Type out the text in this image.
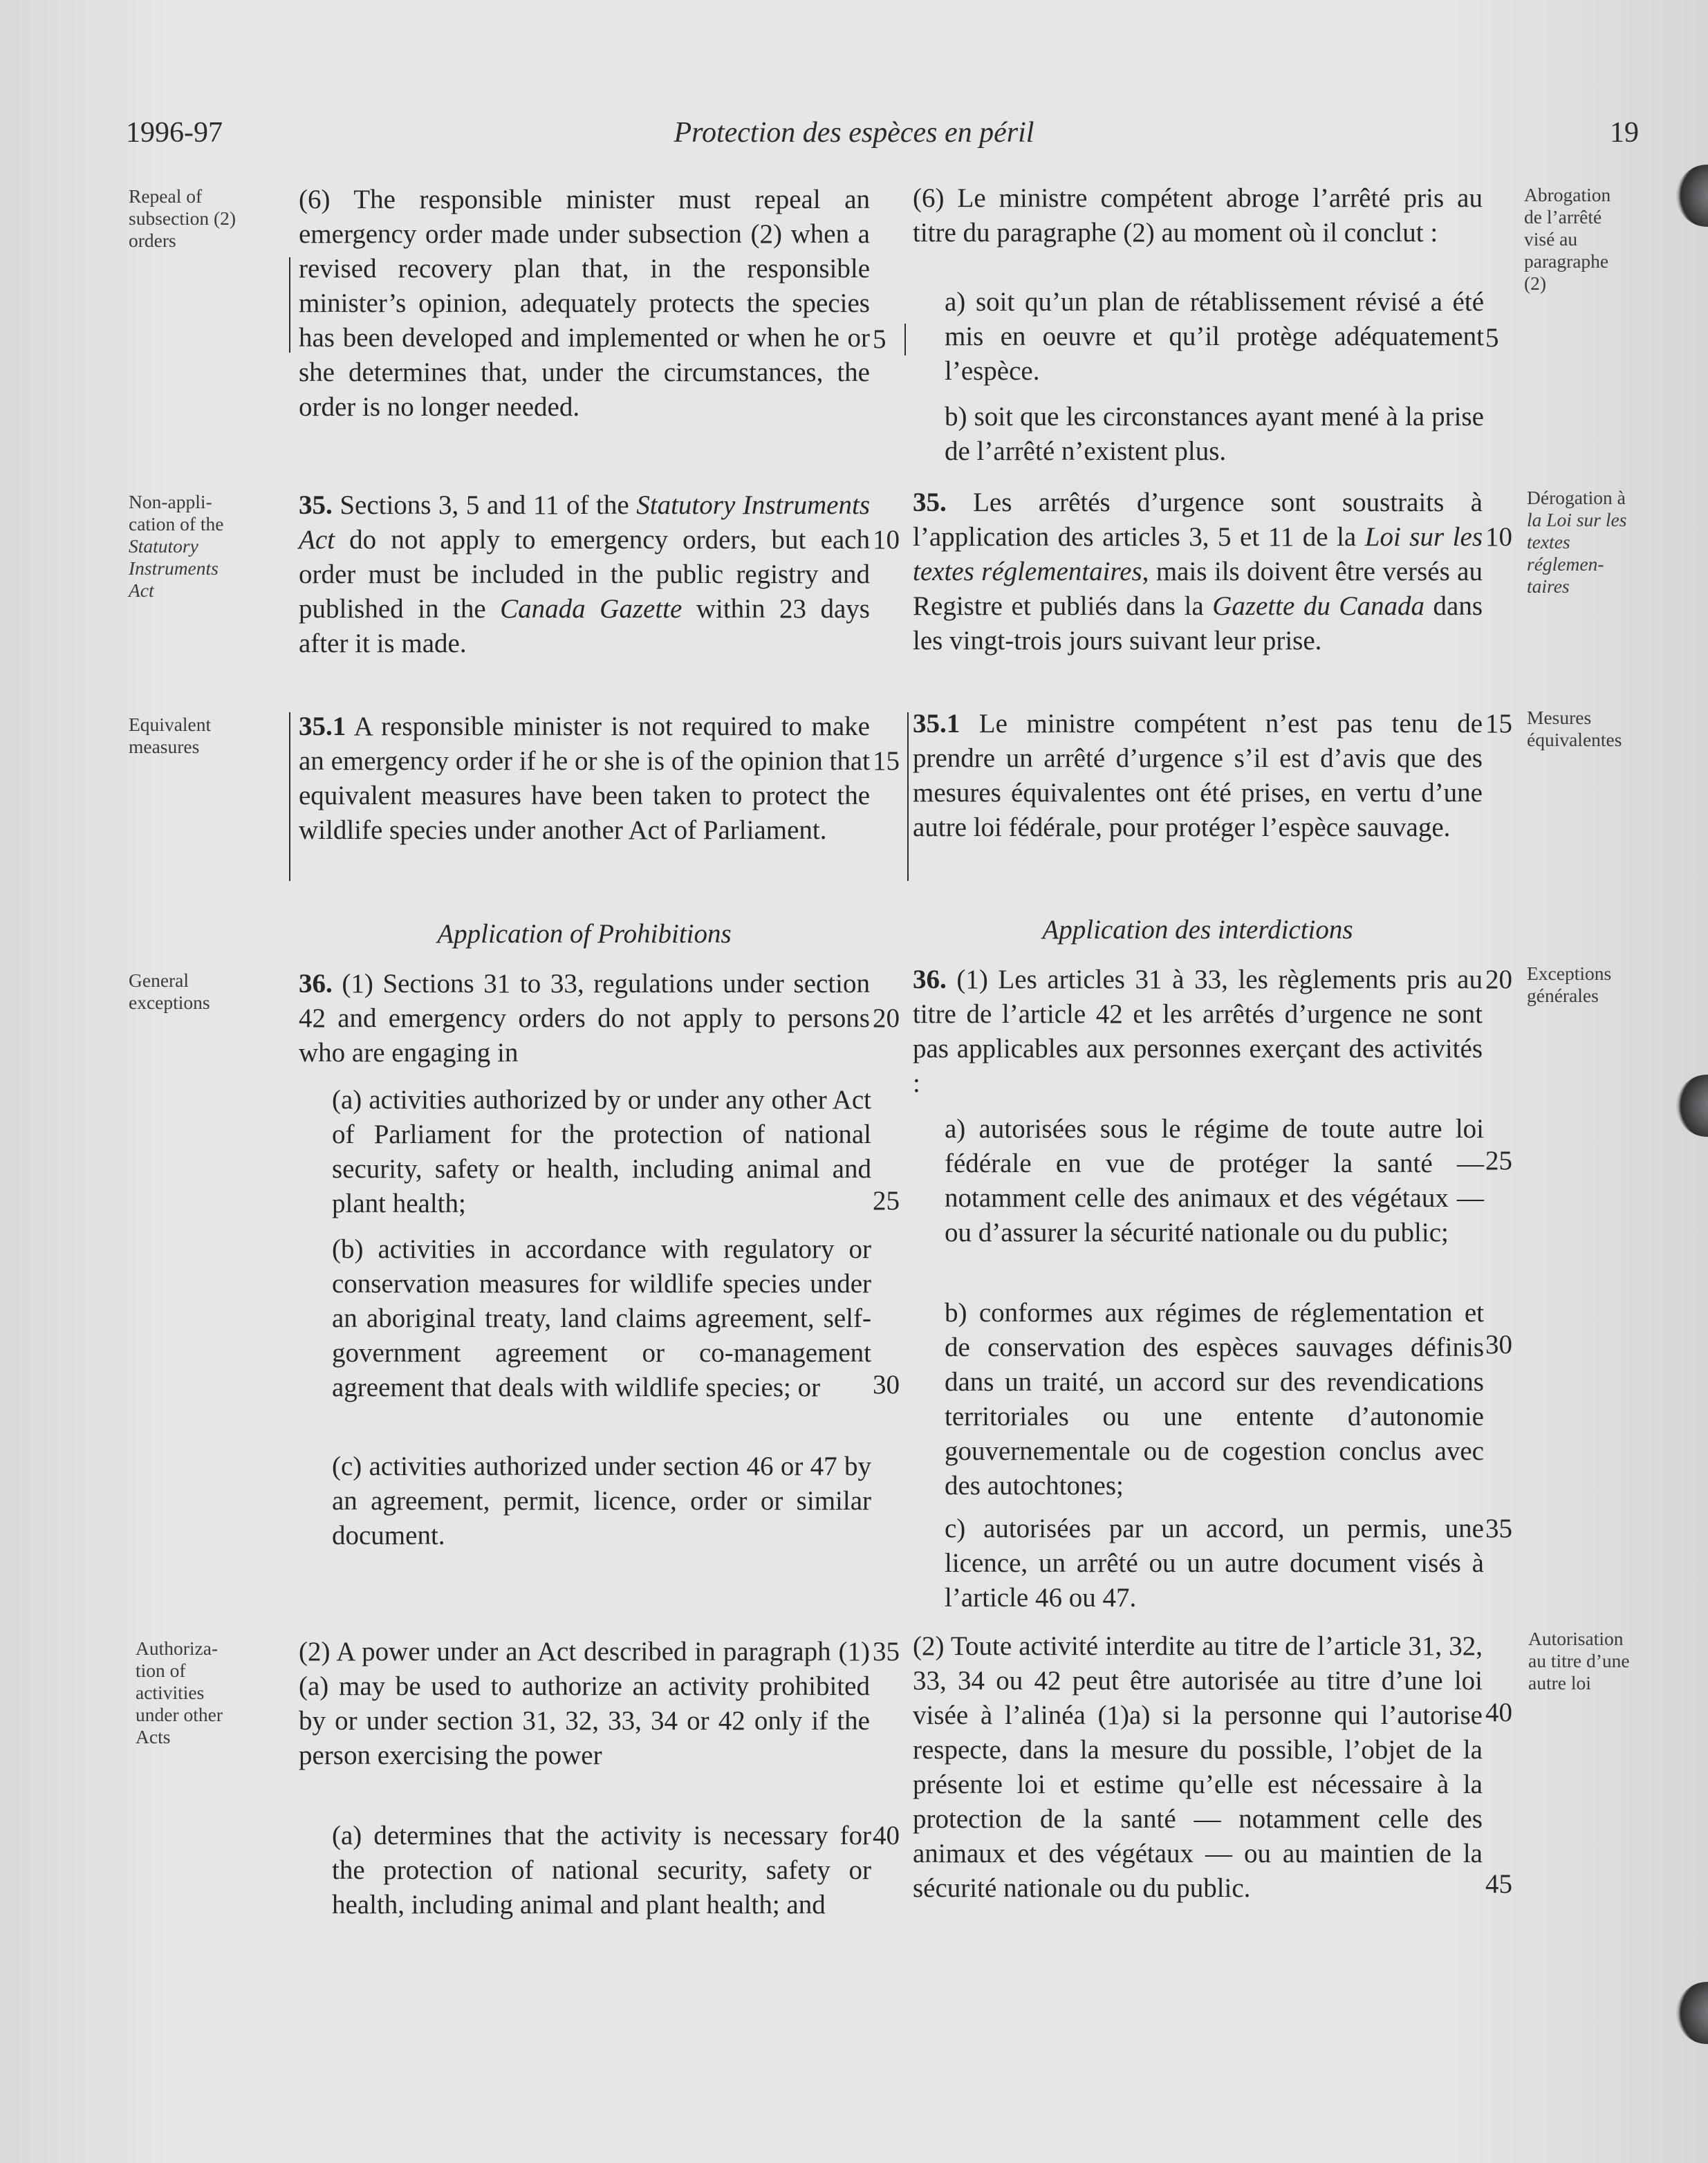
1996-97	Protection des espèces en péril	19
Repeal of
subsection (2)
orders
Non-appli-
cation of the
Statutory
Instruments
Act
Equivalent
measures
General
exceptions
Authoriza-
tion of
activities
under other
Acts
Abrogation
de l’arrêté
visé au
paragraphe
(2)
Dérogation à
la Loi sur les
textes
réglemen-
taires
Mesures
équivalentes
Exceptions
générales
Autorisation
au titre d’une
autre loi
(6) The responsible minister must repeal an emergency order made under subsection (2) when a revised recovery plan that, in the responsible minister’s opinion, adequately protects the species has been developed and implemented or when he or she determines that, under the circumstances, the order is no longer needed.
35. Sections 3, 5 and 11 of the Statutory Instruments Act do not apply to emergency orders, but each order must be included in the public registry and published in the Canada Gazette within 23 days after it is made.
35.1 A responsible minister is not required to make an emergency order if he or she is of the opinion that equivalent measures have been taken to protect the wildlife species under another Act of Parliament.
Application of Prohibitions
36. (1) Sections 31 to 33, regulations under section 42 and emergency orders do not apply to persons who are engaging in
(a) activities authorized by or under any other Act of Parliament for the protection of national security, safety or health, including animal and plant health;
(b) activities in accordance with regulatory or conservation measures for wildlife species under an aboriginal treaty, land claims agreement, self-government agreement or co-management agreement that deals with wildlife species; or
(c) activities authorized under section 46 or 47 by an agreement, permit, licence, order or similar document.
(2) A power under an Act described in paragraph (1)(a) may be used to authorize an activity prohibited by or under section 31, 32, 33, 34 or 42 only if the person exercising the power
(a) determines that the activity is necessary for the protection of national security, safety or health, including animal and plant health; and
5
10
15
20
25
30
35
40
(6) Le ministre compétent abroge l’arrêté pris au titre du paragraphe (2) au moment où il conclut :
a) soit qu’un plan de rétablissement révisé a été mis en oeuvre et qu’il protège adéquatement l’espèce.
b) soit que les circonstances ayant mené à la prise de l’arrêté n’existent plus.
35. Les arrêtés d’urgence sont soustraits à l’application des articles 3, 5 et 11 de la Loi sur les textes réglementaires, mais ils doivent être versés au Registre et publiés dans la Gazette du Canada dans les vingt-trois jours suivant leur prise.
35.1 Le ministre compétent n’est pas tenu de prendre un arrêté d’urgence s’il est d’avis que des mesures équivalentes ont été prises, en vertu d’une autre loi fédérale, pour protéger l’espèce sauvage.
Application des interdictions
36. (1) Les articles 31 à 33, les règlements pris au titre de l’article 42 et les arrêtés d’urgence ne sont pas applicables aux personnes exerçant des activités :
a) autorisées sous le régime de toute autre loi fédérale en vue de protéger la santé — notamment celle des animaux et des végétaux — ou d’assurer la sécurité nationale ou du public;
b) conformes aux régimes de réglementation et de conservation des espèces sauvages définis dans un traité, un accord sur des revendications territoriales ou une entente d’autonomie gouvernementale ou de cogestion conclus avec des autochtones;
c) autorisées par un accord, un permis, une licence, un arrêté ou un autre document visés à l’article 46 ou 47.
(2) Toute activité interdite au titre de l’article 31, 32, 33, 34 ou 42 peut être autorisée au titre d’une loi visée à l’alinéa (1)a) si la personne qui l’autorise respecte, dans la mesure du possible, l’objet de la présente loi et estime qu’elle est nécessaire à la protection de la santé — notamment celle des animaux et des végétaux — ou au maintien de la sécurité nationale ou du public.
5
10
15
20
25
30
35
40
45
